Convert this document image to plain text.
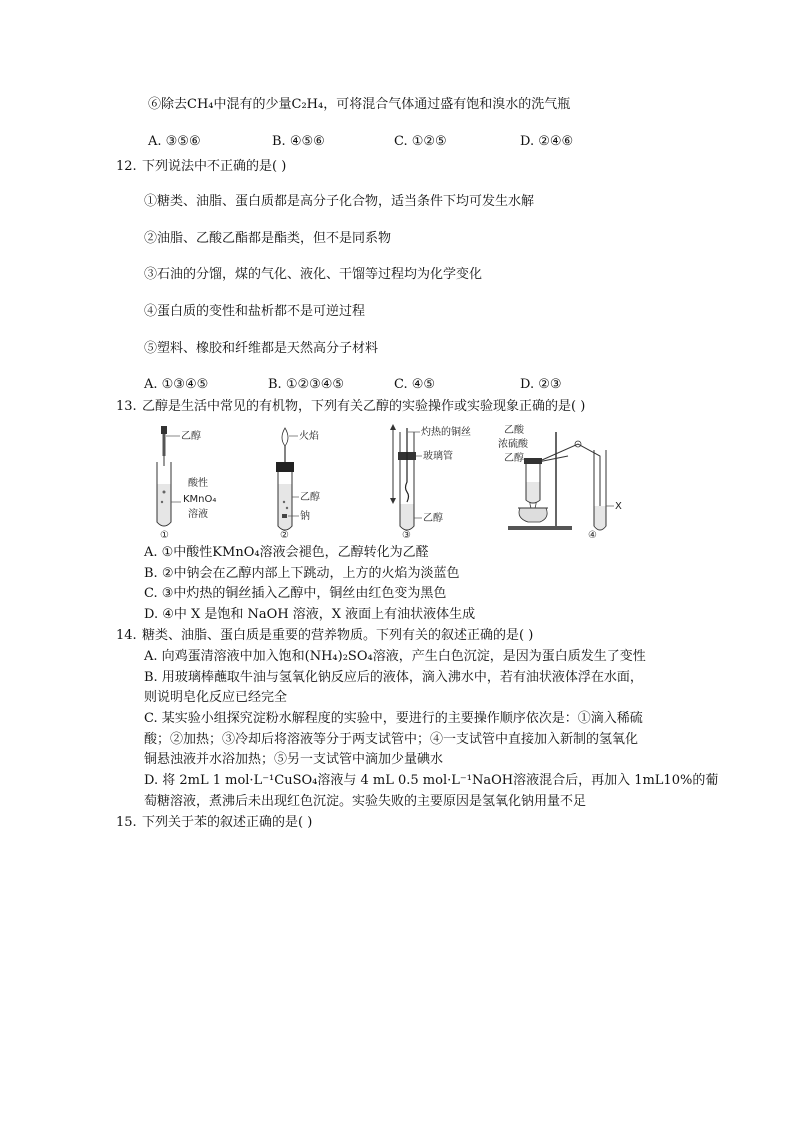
⑥除去CH₄中混有的少量C₂H₄，可将混合气体通过盛有饱和溴水的洗气瓶
A. ③⑤⑥	B. ④⑤⑥	C. ①②⑤	D. ②④⑥
12. 下列说法中不正确的是( )
①糖类、油脂、蛋白质都是高分子化合物，适当条件下均可发生水解
②油脂、乙酸乙酯都是酯类，但不是同系物
③石油的分馏，煤的气化、液化、干馏等过程均为化学变化
④蛋白质的变性和盐析都不是可逆过程
⑤塑料、橡胶和纤维都是天然高分子材料
A. ①③④⑤	B. ①②③④⑤	C. ④⑤	D. ②③
13. 乙醇是生活中常见的有机物，下列有关乙醇的实验操作或实验现象正确的是( )
乙醇
酸性
KMnO₄
溶液
①
火焰
乙醇
钠
②
灼热的铜丝
玻璃管
乙醇
③
乙酸
浓硫酸
乙醇
X
④
A. ①中酸性KMnO₄溶液会褪色，乙醇转化为乙醛
B. ②中钠会在乙醇内部上下跳动，上方的火焰为淡蓝色
C. ③中灼热的铜丝插入乙醇中，铜丝由红色变为黑色
D. ④中 X 是饱和 NaOH 溶液，X 液面上有油状液体生成
14. 糖类、油脂、蛋白质是重要的营养物质。下列有关的叙述正确的是( )
A. 向鸡蛋清溶液中加入饱和(NH₄)₂SO₄溶液，产生白色沉淀，是因为蛋白质发生了变性
B. 用玻璃棒蘸取牛油与氢氧化钠反应后的液体，滴入沸水中，若有油状液体浮在水面，
则说明皂化反应已经完全
C. 某实验小组探究淀粉水解程度的实验中，要进行的主要操作顺序依次是：①滴入稀硫
酸；②加热；③冷却后将溶液等分于两支试管中；④一支试管中直接加入新制的氢氧化
铜悬浊液并水浴加热；⑤另一支试管中滴加少量碘水
D. 将 2mL 1 mol·L⁻¹CuSO₄溶液与 4 mL 0.5 mol·L⁻¹NaOH溶液混合后，再加入 1mL10%的葡
萄糖溶液，煮沸后未出现红色沉淀。实验失败的主要原因是氢氧化钠用量不足
15. 下列关于苯的叙述正确的是( )
